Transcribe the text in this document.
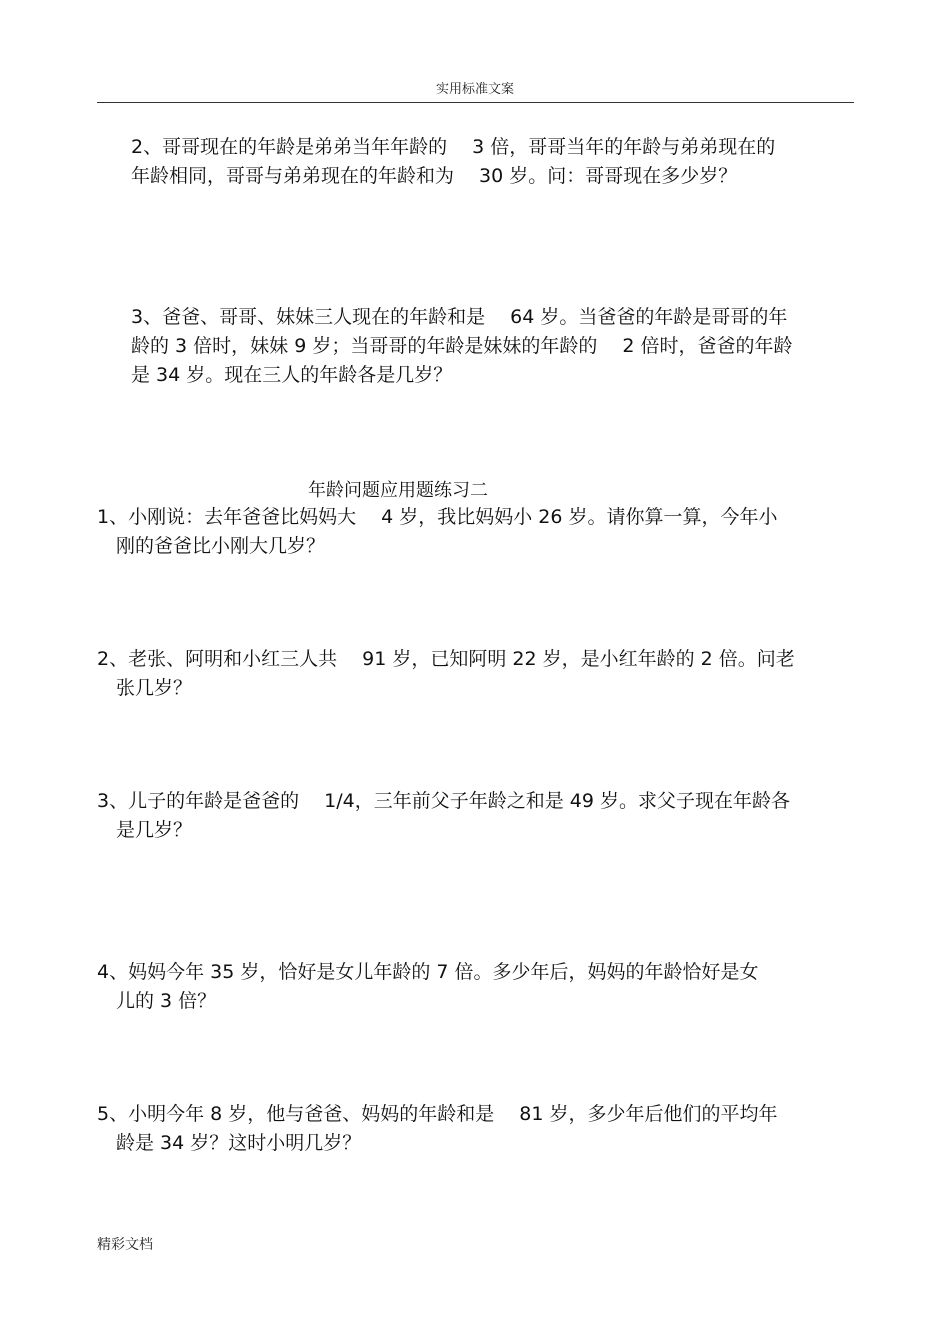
实用标准文案
2、哥哥现在的年龄是弟弟当年年龄的　 3 倍，哥哥当年的年龄与弟弟现在的
年龄相同，哥哥与弟弟现在的年龄和为　 30 岁。问：哥哥现在多少岁？
3、爸爸、哥哥、妹妹三人现在的年龄和是　 64 岁。当爸爸的年龄是哥哥的年
龄的 3 倍时，妹妹 9 岁；当哥哥的年龄是妹妹的年龄的　 2 倍时，爸爸的年龄
是 34 岁。现在三人的年龄各是几岁？
年龄问题应用题练习二
1、小刚说：去年爸爸比妈妈大　 4 岁，我比妈妈小 26 岁。请你算一算，今年小
　刚的爸爸比小刚大几岁？
2、老张、阿明和小红三人共　 91 岁，已知阿明 22 岁，是小红年龄的 2 倍。问老
　张几岁？
3、儿子的年龄是爸爸的　 1/4，三年前父子年龄之和是 49 岁。求父子现在年龄各
　是几岁？
4、妈妈今年 35 岁，恰好是女儿年龄的 7 倍。多少年后，妈妈的年龄恰好是女
　儿的 3 倍？
5、小明今年 8 岁，他与爸爸、妈妈的年龄和是　 81 岁，多少年后他们的平均年
　龄是 34 岁？这时小明几岁？
精彩文档
